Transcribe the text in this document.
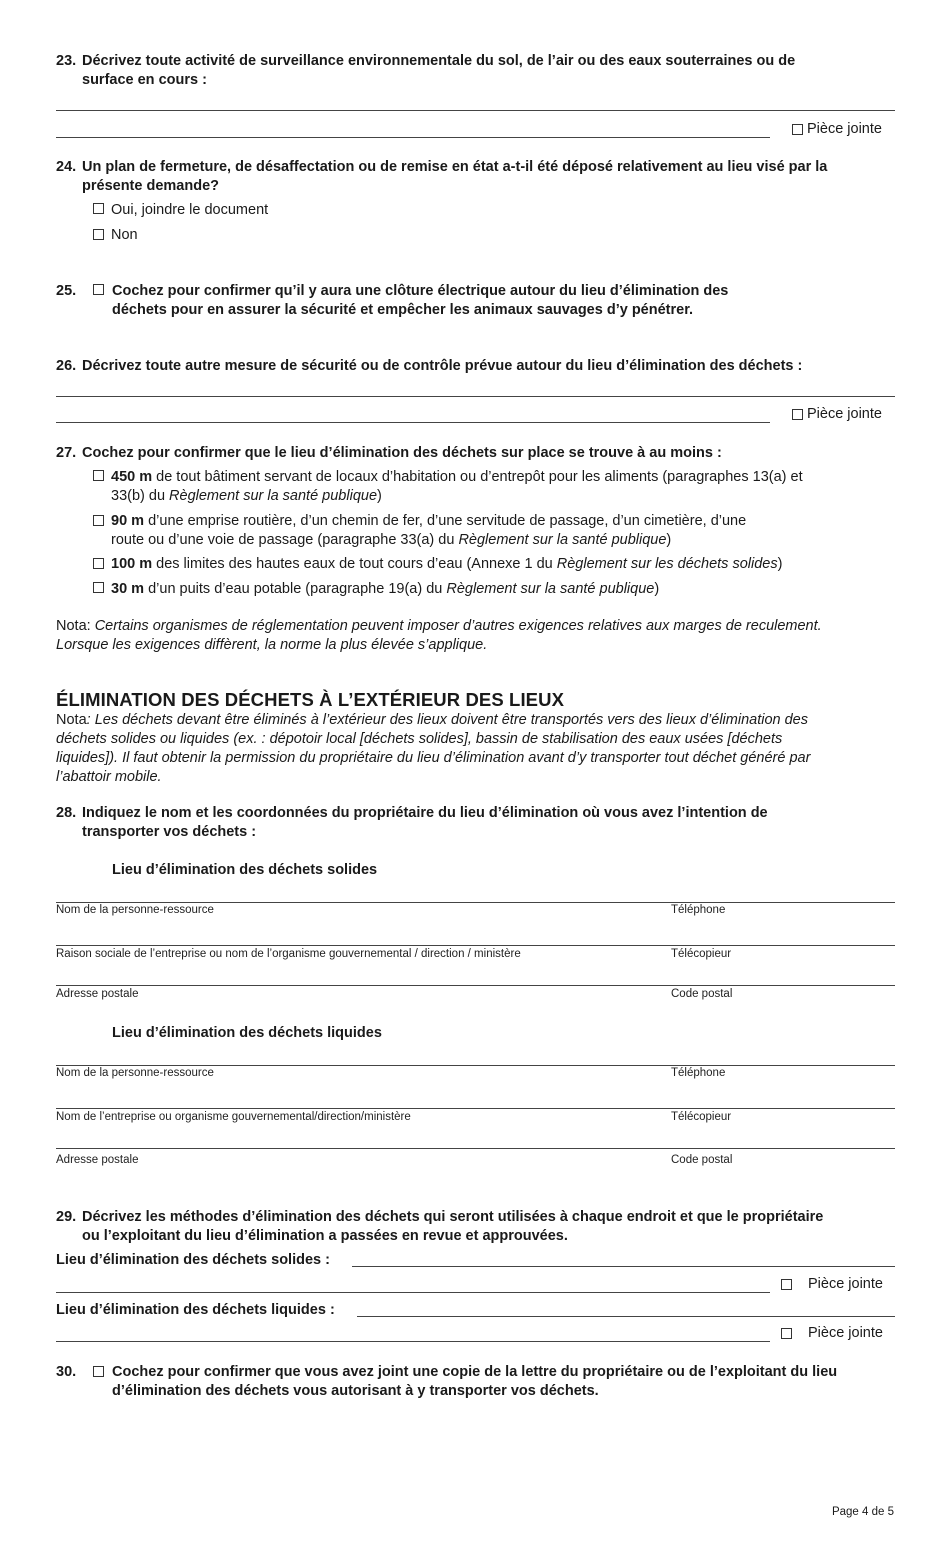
23. Décrivez toute activité de surveillance environnementale du sol, de l’air ou des eaux souterraines ou de
surface en cours :
Pièce jointe
24. Un plan de fermeture, de désaffectation ou de remise en état a-t-il été déposé relativement au lieu visé par la
présente demande?
Oui, joindre le document
Non
25. Cochez pour confirmer qu’il y aura une clôture électrique autour du lieu d’élimination des
déchets pour en assurer la sécurité et empêcher les animaux sauvages d’y pénétrer.
26. Décrivez toute autre mesure de sécurité ou de contrôle prévue autour du lieu d’élimination des déchets :
Pièce jointe
27. Cochez pour confirmer que le lieu d’élimination des déchets sur place se trouve à au moins :
450 m de tout bâtiment servant de locaux d’habitation ou d’entrepôt pour les aliments (paragraphes 13(a) et
33(b) du Règlement sur la santé publique)
90 m d’une emprise routière, d’un chemin de fer, d’une servitude de passage, d’un cimetière, d’une
route ou d’une voie de passage (paragraphe 33(a) du Règlement sur la santé publique)
100 m des limites des hautes eaux de tout cours d’eau (Annexe 1 du Règlement sur les déchets solides)
30 m d’un puits d’eau potable (paragraphe 19(a) du Règlement sur la santé publique)
Nota: Certains organismes de réglementation peuvent imposer d’autres exigences relatives aux marges de reculement.
Lorsque les exigences diffèrent, la norme la plus élevée s’applique.
ÉLIMINATION DES DÉCHETS À L’EXTÉRIEUR DES LIEUX
Nota: Les déchets devant être éliminés à l’extérieur des lieux doivent être transportés vers des lieux d’élimination des
déchets solides ou liquides (ex. : dépotoir local [déchets solides], bassin de stabilisation des eaux usées [déchets
liquides]). Il faut obtenir la permission du propriétaire du lieu d’élimination avant d’y transporter tout déchet généré par
l’abattoir mobile.
28. Indiquez le nom et les coordonnées du propriétaire du lieu d’élimination où vous avez l’intention de
transporter vos déchets :
Lieu d’élimination des déchets solides
Nom de la personne-ressource	Téléphone
Raison sociale de l’entreprise ou nom de l’organisme gouvernemental / direction / ministère	Télécopieur
Adresse postale	Code postal
Lieu d’élimination des déchets liquides
Nom de la personne-ressource	Téléphone
Nom de l’entreprise ou organisme gouvernemental/direction/ministère	Télécopieur
Adresse postale	Code postal
29. Décrivez les méthodes d’élimination des déchets qui seront utilisées à chaque endroit et que le propriétaire
ou l’exploitant du lieu d’élimination a passées en revue et approuvées.
Lieu d’élimination des déchets solides :
Pièce jointe
Lieu d’élimination des déchets liquides :
Pièce jointe
30. Cochez pour confirmer que vous avez joint une copie de la lettre du propriétaire ou de l’exploitant du lieu
d’élimination des déchets vous autorisant à y transporter vos déchets.
Page 4 de 5
